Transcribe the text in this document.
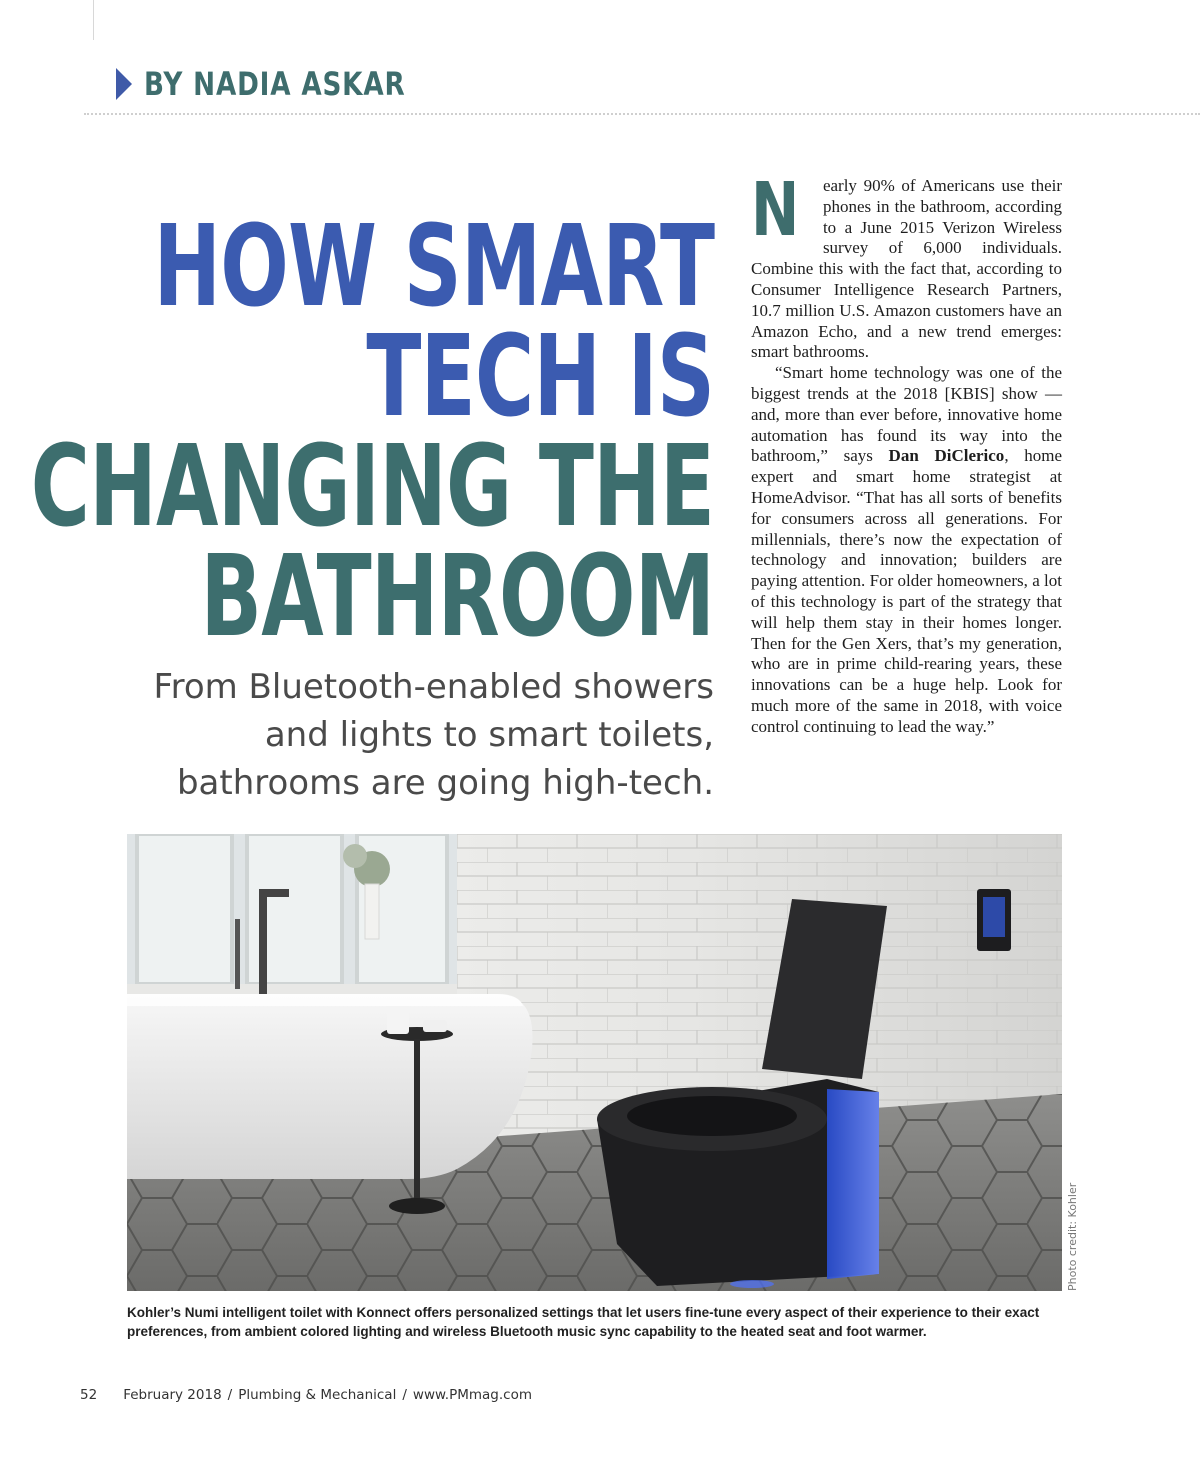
BY NADIA ASKAR
HOW SMART
TECH IS
CHANGING THE
BATHROOM
From Bluetooth-enabled showers
and lights to smart toilets,
bathrooms are going high-tech.

N early 90% of Americans use their phones in the bathroom, according to a June 2015 Verizon Wireless survey of 6,000 individuals. Combine this with the fact that, according to Consumer Intelligence Research Partners, 10.7 million U.S. Amazon customers have an Amazon Echo, and a new trend emerges: smart bathrooms.

“Smart home technology was one of the biggest trends at the 2018 [KBIS] show — and, more than ever before, innovative home automation has found its way into the bathroom,” says Dan DiClerico, home expert and smart home strategist at HomeAdvisor. “That has all sorts of benefits for consumers across all generations. For millennials, there’s now the expectation of technology and innovation; builders are paying attention. For older homeowners, a lot of this technology is part of the strategy that will help them stay in their homes longer. Then for the Gen Xers, that’s my generation, who are in prime child-rearing years, these innovations can be a huge help. Look for much more of the same in 2018, with voice control continuing to lead the way.”

Photo credit: Kohler
Kohler’s Numi intelligent toilet with Konnect offers personalized settings that let users fine-tune every aspect of their experience to their exact preferences, from ambient colored lighting and wireless Bluetooth music sync capability to the heated seat and foot warmer.
52 February 2018 / Plumbing & Mechanical / www.PMmag.com
